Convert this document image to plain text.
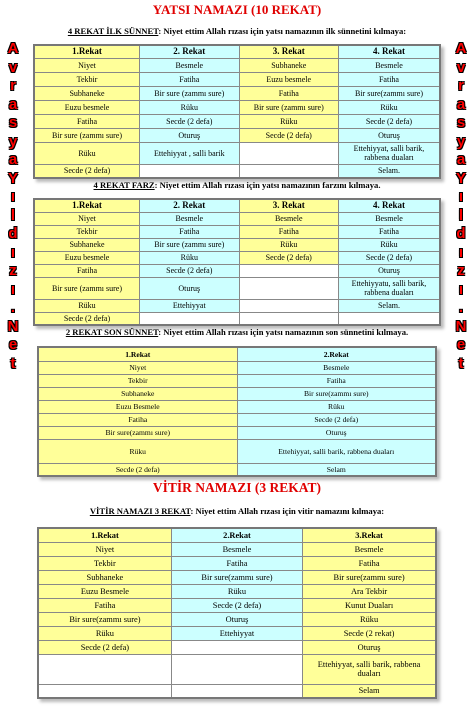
YATSI NAMAZI (10 REKAT)
A
v
r
a
s
y
a
Y
ı
l
d
ı
z
ı
.
N
e
t
A
v
r
a
s
y
a
Y
ı
l
d
ı
z
ı
.
N
e
t
4 REKAT İLK SÜNNET: Niyet ettim Allah rızası için yatsı namazının ilk sünnetini kılmaya:
1.Rekat	2. Rekat	3. Rekat	4. Rekat
Niyet	Besmele	Subhaneke	Besmele
Tekbir	Fatiha	Euzu besmele	Fatiha
Subhaneke	Bir sure (zammı sure)	Fatiha	Bir sure(zammı sure)
Euzu besmele	Rüku	Bir sure (zammı sure)	Rüku
Fatiha	Secde (2 defa)	Rüku	Secde (2 defa)
Bir sure (zammı sure)	Oturuş	Secde (2 defa)	Oturuş
Rüku	Ettehiyyat , salli barik		Ettehiyyat, salli barik, rabbena duaları
Secde (2 defa)			Selam.
4 REKAT FARZ: Niyet ettim Allah rızası için yatsı namazının farzını kılmaya.
1.Rekat	2. Rekat	3. Rekat	4. Rekat
Niyet	Besmele	Besmele	Besmele
Tekbir	Fatiha	Fatiha	Fatiha
Subhaneke	Bir sure (zammı sure)	Rüku	Rüku
Euzu besmele	Rüku	Secde (2 defa)	Secde (2 defa)
Fatiha	Secde (2 defa)		Oturuş
Bir sure (zammı sure)	Oturuş		Ettehiyyatu, salli barik, rabbena duaları
Rüku	Ettehiyyat		Selam.
Secde (2 defa)			
2 REKAT SON SÜNNET: Niyet ettim Allah rızası için yatsı namazının son sünnetini kılmaya.
1.Rekat	2.Rekat
Niyet	Besmele
Tekbir	Fatiha
Subhaneke	Bir sure(zammı sure)
Euzu Besmele	Rüku
Fatiha	Secde (2 defa)
Bir sure(zammı sure)	Oturuş
Rüku	Ettehiyyat, salli barik, rabbena duaları
Secde (2 defa)	Selam
VİTİR NAMAZI (3 REKAT)
VİTİR NAMAZI 3 REKAT: Niyet ettim Allah rızası için vitir namazını kılmaya:
1.Rekat	2.Rekat	3.Rekat
Niyet	Besmele	Besmele
Tekbir	Fatiha	Fatiha
Subhaneke	Bir sure(zammı sure)	Bir sure(zammı sure)
Euzu Besmele	Rüku	Ara Tekbir
Fatiha	Secde (2 defa)	Kunut Duaları
Bir sure(zammı sure)	Oturuş	Rüku
Rüku	Ettehiyyat	Secde (2 rekat)
Secde (2 defa)		Oturuş
		Ettehiyyat, salli barik, rabbena duaları
		Selam
